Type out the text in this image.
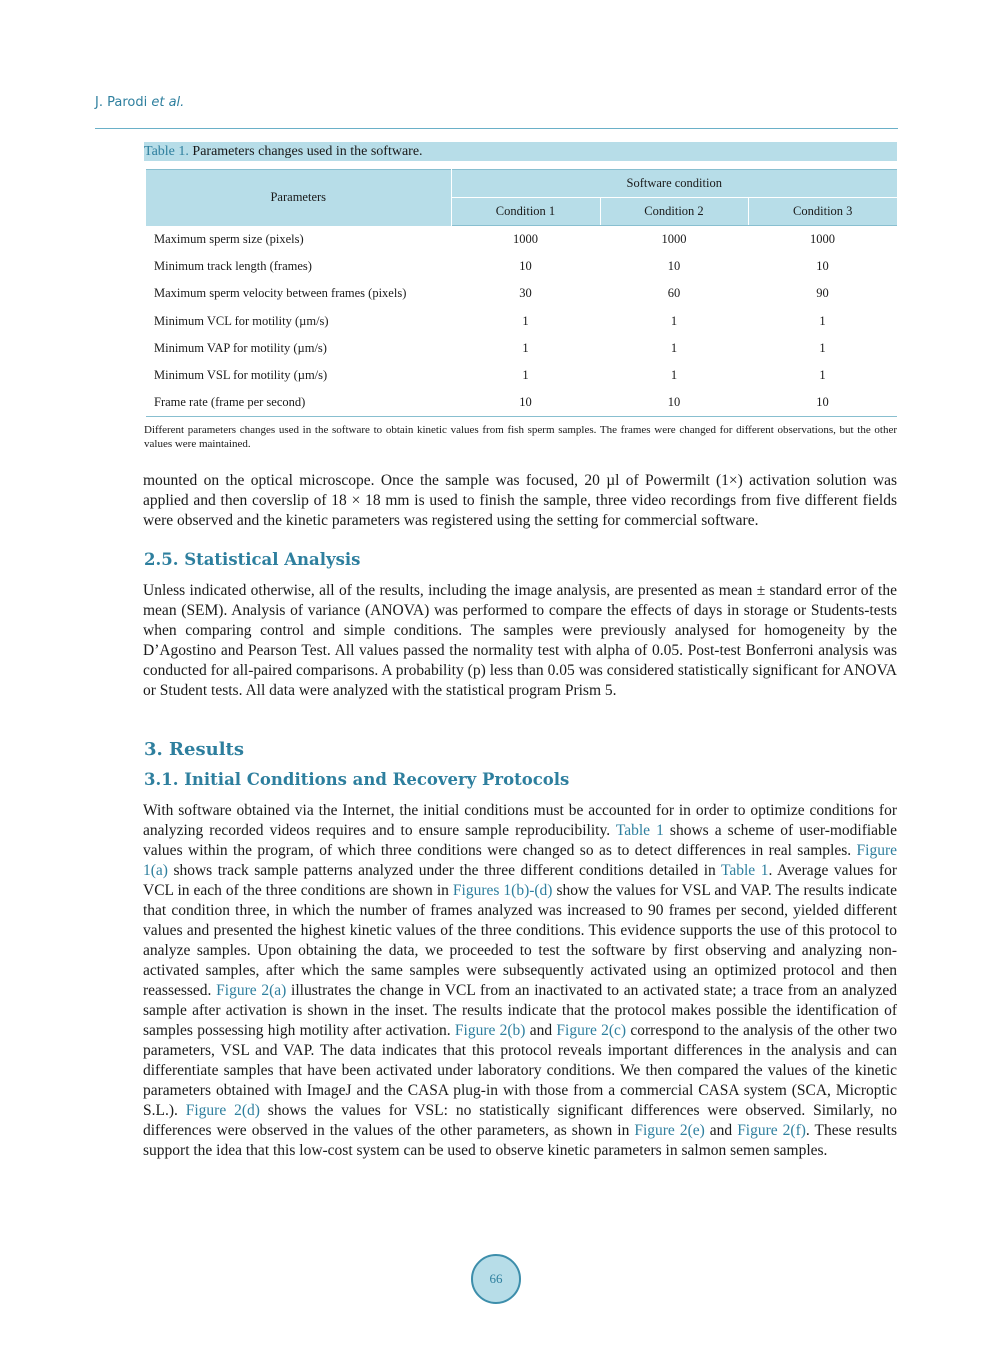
J. Parodi et al.
Table 1. Parameters changes used in the software.
Parameters	Software condition		
	Condition 1	Condition 2	Condition 3
Maximum sperm size (pixels)	1000	1000	1000
Minimum track length (frames)	10	10	10
Maximum sperm velocity between frames (pixels)	30	60	90
Minimum VCL for motility (µm/s)	1	1	1
Minimum VAP for motility (µm/s)	1	1	1
Minimum VSL for motility (µm/s)	1	1	1
Frame rate (frame per second)	10	10	10
Different parameters changes used in the software to obtain kinetic values from fish sperm samples. The frames were changed for different observations, but the other values were maintained.

mounted on the optical microscope. Once the sample was focused, 20 µl of Powermilt (1×) activation solution was applied and then coverslip of 18 × 18 mm is used to finish the sample, three video recordings from five different fields were observed and the kinetic parameters was registered using the setting for commercial software.

2.5. Statistical Analysis

Unless indicated otherwise, all of the results, including the image analysis, are presented as mean ± standard error of the mean (SEM). Analysis of variance (ANOVA) was performed to compare the effects of days in storage or Students-tests when comparing control and simple conditions. The samples were previously analysed for homogeneity by the D’Agostino and Pearson Test. All values passed the normality test with alpha of 0.05. Post-test Bonferroni analysis was conducted for all-paired comparisons. A probability (p) less than 0.05 was considered statistically significant for ANOVA or Student tests. All data were analyzed with the statistical program Prism 5.

3. Results
3.1. Initial Conditions and Recovery Protocols

With software obtained via the Internet, the initial conditions must be accounted for in order to optimize conditions for analyzing recorded videos requires and to ensure sample reproducibility. Table 1 shows a scheme of user-modifiable values within the program, of which three conditions were changed so as to detect differences in real samples. Figure 1(a) shows track sample patterns analyzed under the three different conditions detailed in Table 1. Average values for VCL in each of the three conditions are shown in Figures 1(b)-(d) show the values for VSL and VAP. The results indicate that condition three, in which the number of frames analyzed was increased to 90 frames per second, yielded different values and presented the highest kinetic values of the three conditions. This evidence supports the use of this protocol to analyze samples. Upon obtaining the data, we proceeded to test the software by first observing and analyzing non-activated samples, after which the same samples were subsequently activated using an optimized protocol and then reassessed. Figure 2(a) illustrates the change in VCL from an inactivated to an activated state; a trace from an analyzed sample after activation is shown in the inset. The results indicate that the protocol makes possible the identification of samples possessing high motility after activation. Figure 2(b) and Figure 2(c) correspond to the analysis of the other two parameters, VSL and VAP. The data indicates that this protocol reveals important differences in the analysis and can differentiate samples that have been activated under laboratory conditions. We then compared the values of the kinetic parameters obtained with ImageJ and the CASA plug-in with those from a commercial CASA system (SCA, Microptic S.L.). Figure 2(d) shows the values for VSL: no statistically significant differences were observed. Similarly, no differences were observed in the values of the other parameters, as shown in Figure 2(e) and Figure 2(f). These results support the idea that this low-cost system can be used to observe kinetic parameters in salmon semen samples.

66
